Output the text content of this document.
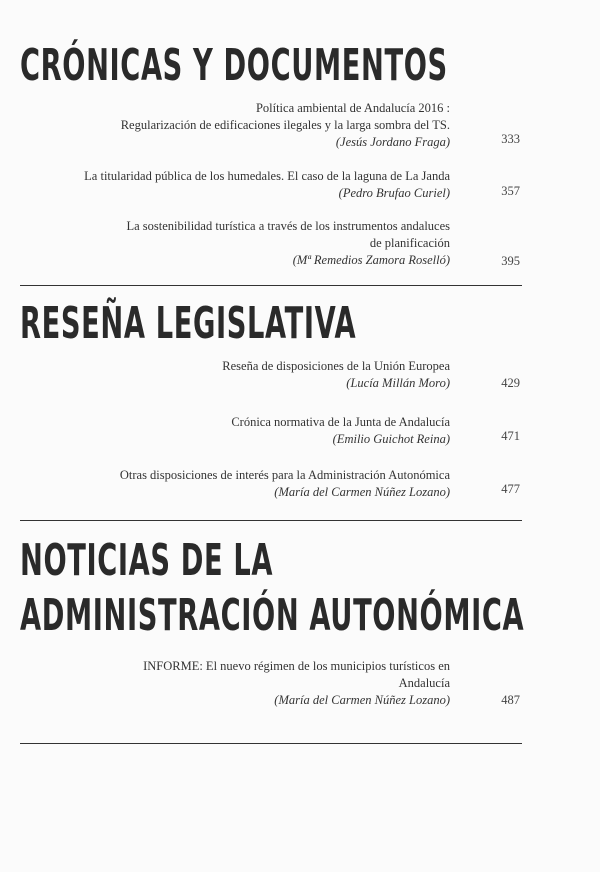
CRÓNICAS Y DOCUMENTOS
Política ambiental de Andalucía 2016 :
Regularización de edificaciones ilegales y la larga sombra del TS.
(Jesús Jordano Fraga)	333
La titularidad pública de los humedales. El caso de la laguna de La Janda
(Pedro Brufao Curiel)	357
La sostenibilidad turística a través de los instrumentos andaluces
de planificación
(Mª Remedios Zamora Roselló)	395
RESEÑA LEGISLATIVA
Reseña de disposiciones de la Unión Europea
(Lucía Millán Moro)	429
Crónica normativa de la Junta de Andalucía
(Emilio Guichot Reina)	471
Otras disposiciones de interés para la Administración Autonómica
(María del Carmen Núñez Lozano)	477
NOTICIAS DE LA
ADMINISTRACIÓN AUTONÓMICA
INFORME: El nuevo régimen de los municipios turísticos en
Andalucía
(María del Carmen Núñez Lozano)	487
